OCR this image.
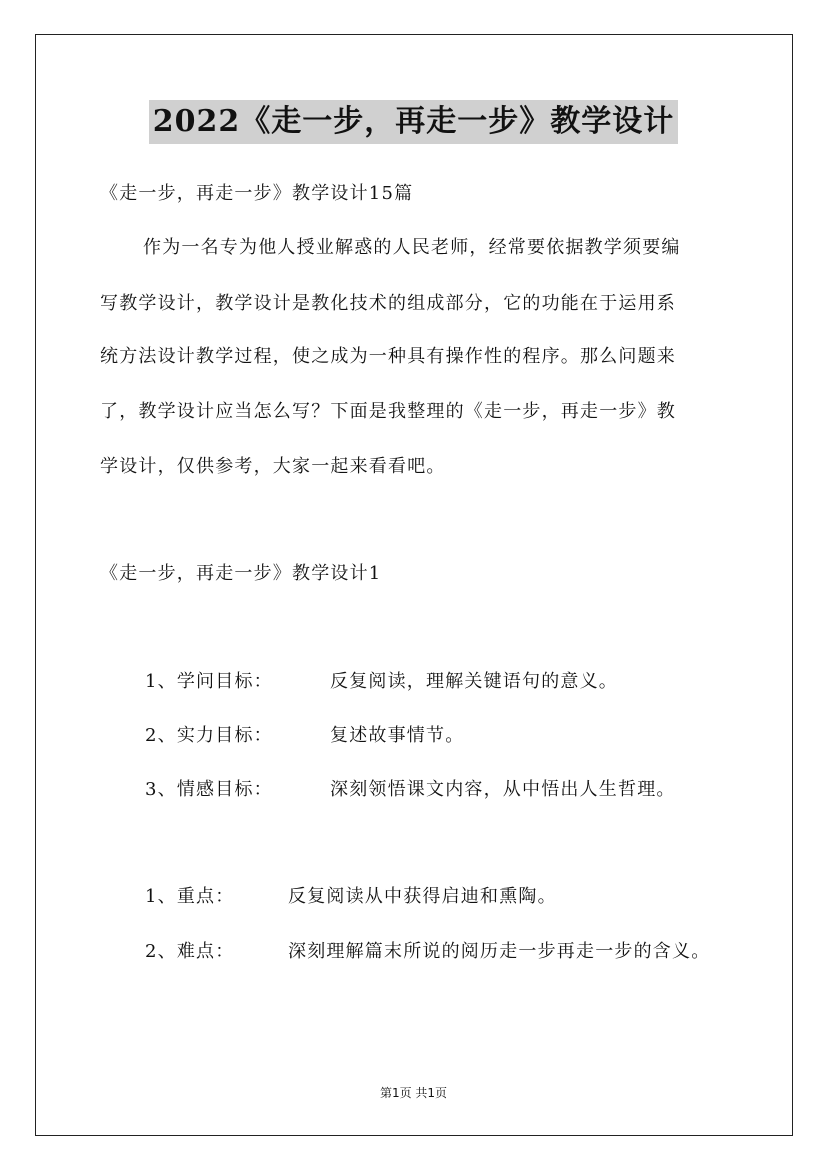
2022《走一步，再走一步》教学设计
《走一步，再走一步》教学设计15篇
作为一名专为他人授业解惑的人民老师，经常要依据教学须要编
写教学设计，教学设计是教化技术的组成部分，它的功能在于运用系
统方法设计教学过程，使之成为一种具有操作性的程序。那么问题来
了，教学设计应当怎么写？下面是我整理的《走一步，再走一步》教
学设计，仅供参考，大家一起来看看吧。
《走一步，再走一步》教学设计1
1、学问目标：	反复阅读，理解关键语句的意义。
2、实力目标：	复述故事情节。
3、情感目标：	深刻领悟课文内容，从中悟出人生哲理。
1、重点：	反复阅读从中获得启迪和熏陶。
2、难点：	深刻理解篇末所说的阅历走一步再走一步的含义。
第1页 共1页
